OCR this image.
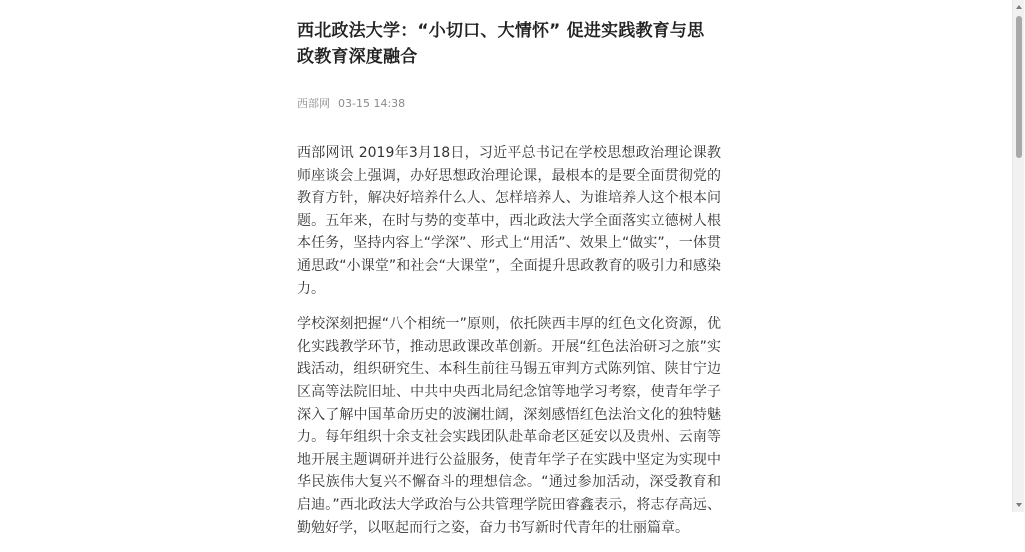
西北政法大学：“小切口、大情怀” 促进实践教育与思政教育深度融合
西部网 03-15 14:38

西部网讯 2019年3月18日，习近平总书记在学校思想政治理论课教师座谈会上强调，办好思想政治理论课，最根本的是要全面贯彻党的教育方针，解决好培养什么人、怎样培养人、为谁培养人这个根本问题。五年来，在时与势的变革中，西北政法大学全面落实立德树人根本任务，坚持内容上“学深”、形式上“用活”、效果上“做实”，一体贯通思政“小课堂”和社会“大课堂”，全面提升思政教育的吸引力和感染力。

学校深刻把握“八个相统一”原则，依托陕西丰厚的红色文化资源，优化实践教学环节，推动思政课改革创新。开展“红色法治研习之旅”实践活动，组织研究生、本科生前往马锡五审判方式陈列馆、陕甘宁边区高等法院旧址、中共中央西北局纪念馆等地学习考察，使青年学子深入了解中国革命历史的波澜壮阔，深刻感悟红色法治文化的独特魅力。每年组织十余支社会实践团队赴革命老区延安以及贵州、云南等地开展主题调研并进行公益服务，使青年学子在实践中坚定为实现中华民族伟大复兴不懈奋斗的理想信念。“通过参加活动，深受教育和启迪。”西北政法大学政治与公共管理学院田睿鑫表示，将志存高远、勤勉好学，以呕起而行之姿，奋力书写新时代青年的壮丽篇章。
